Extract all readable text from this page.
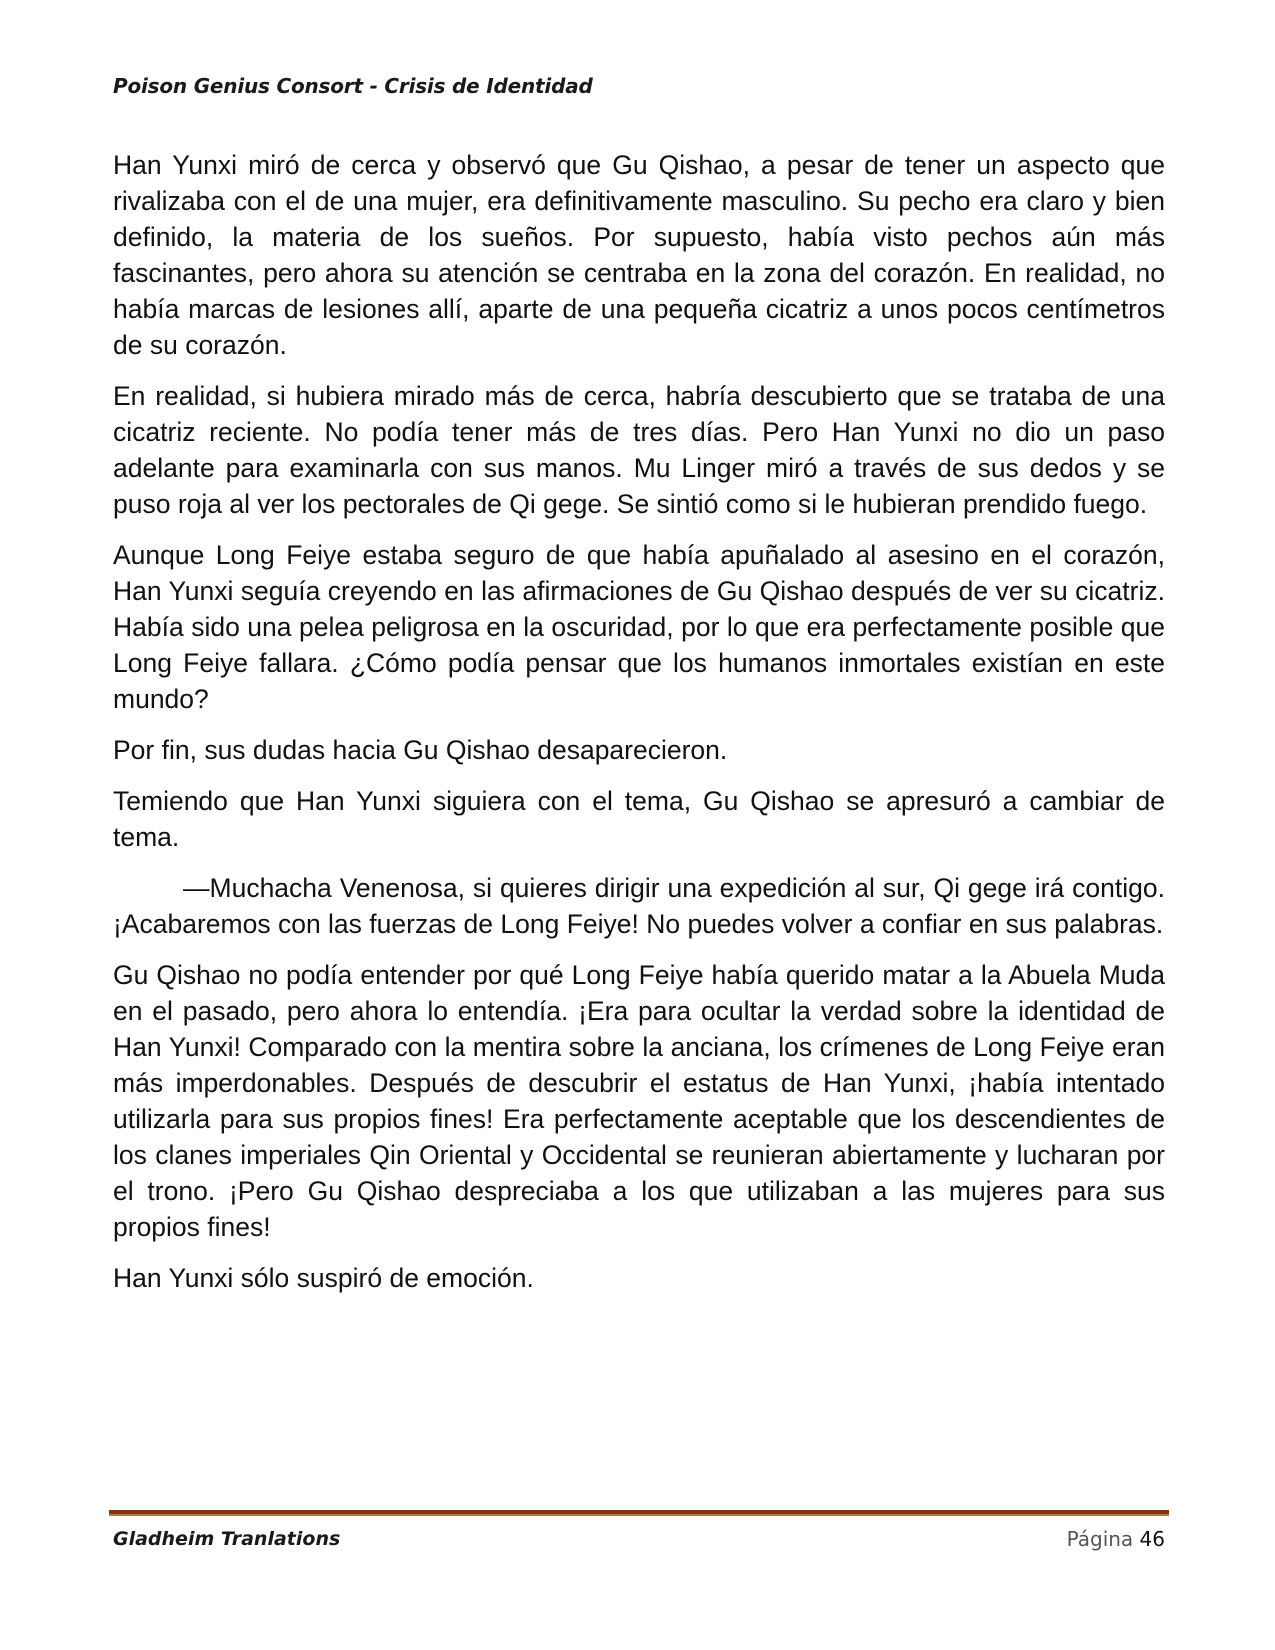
Poison Genius Consort - Crisis de Identidad

Han Yunxi miró de cerca y observó que Gu Qishao, a pesar de tener un aspecto que rivalizaba con el de una mujer, era definitivamente masculino. Su pecho era claro y bien definido, la materia de los sueños. Por supuesto, había visto pechos aún más fascinantes, pero ahora su atención se centraba en la zona del corazón. En realidad, no había marcas de lesiones allí, aparte de una pequeña cicatriz a unos pocos centímetros de su corazón.

En realidad, si hubiera mirado más de cerca, habría descubierto que se trataba de una cicatriz reciente. No podía tener más de tres días. Pero Han Yunxi no dio un paso adelante para examinarla con sus manos. Mu Linger miró a través de sus dedos y se puso roja al ver los pectorales de Qi gege. Se sintió como si le hubieran prendido fuego.

Aunque Long Feiye estaba seguro de que había apuñalado al asesino en el corazón, Han Yunxi seguía creyendo en las afirmaciones de Gu Qishao después de ver su cicatriz. Había sido una pelea peligrosa en la oscuridad, por lo que era perfectamente posible que Long Feiye fallara. ¿Cómo podía pensar que los humanos inmortales existían en este mundo?

Por fin, sus dudas hacia Gu Qishao desaparecieron.

Temiendo que Han Yunxi siguiera con el tema, Gu Qishao se apresuró a cambiar de tema.

—Muchacha Venenosa, si quieres dirigir una expedición al sur, Qi gege irá contigo. ¡Acabaremos con las fuerzas de Long Feiye! No puedes volver a confiar en sus palabras.

Gu Qishao no podía entender por qué Long Feiye había querido matar a la Abuela Muda en el pasado, pero ahora lo entendía. ¡Era para ocultar la verdad sobre la identidad de Han Yunxi! Comparado con la mentira sobre la anciana, los crímenes de Long Feiye eran más imperdonables. Después de descubrir el estatus de Han Yunxi, ¡había intentado utilizarla para sus propios fines! Era perfectamente aceptable que los descendientes de los clanes imperiales Qin Oriental y Occidental se reunieran abiertamente y lucharan por el trono. ¡Pero Gu Qishao despreciaba a los que utilizaban a las mujeres para sus propios fines!

Han Yunxi sólo suspiró de emoción.

Gladheim Tranlations	Página 46
